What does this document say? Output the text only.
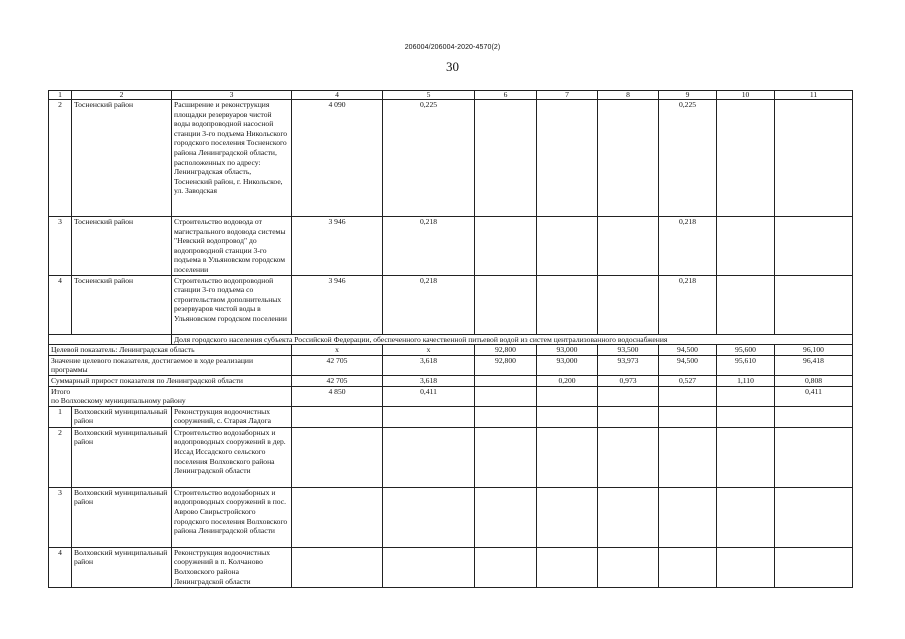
206004/206004-2020-4570(2)
30
1	2	3	4	5	6	7	8	9	10	11
2	Тосненский район	Расширение и реконструкция площадки резервуаров чистой воды водопроводной насосной станции 3-го подъема Никольского городского поселения Тосненского района Ленинградской области, расположенных по адресу: Ленинградская область, Тосненский район, г. Никольское, ул. Заводская	4 090	0,225				0,225		
3	Тосненский район	Строительство водовода от магистрального водовода системы "Невский водопровод" до водопроводной станции 3-го подъема в Ульяновском городском поселении	3 946	0,218				0,218		
4	Тосненский район	Строительство водопроводной станции 3-го подъема со строительством дополнительных резервуаров чистой воды в Ульяновском городском поселении	3 946	0,218				0,218		
		Доля городского населения субъекта Российской Федерации, обеспеченного качественной питьевой водой из систем централизованного водоснабжения								
Целевой показатель: Ленинградская область			х	х	92,800	93,000	93,500	94,500	95,600	96,100
Значение целевого показателя, достигаемое в ходе реализации программы			42 705	3,618	92,800	93,000	93,973	94,500	95,610	96,418
Суммарный прирост показателя по Ленинградской области			42 705	3,618		0,200	0,973	0,527	1,110	0,808

Итого
по Волховскому муниципальному району			4 850	0,411						0,411
1	Волховский муниципальный район	Реконструкция водоочистных сооружений, с. Старая Ладога								
2	Волховский муниципальный район	Строительство водозаборных и водопроводных сооружений в дер. Иссад Иссадского сельского поселения Волховского района Ленинградской области								
3	Волховский муниципальный район	Строительство водозаборных и водопроводных сооружений в пос. Аврово Свирьстройского городского поселения Волховского района Ленинградской области								
4	Волховский муниципальный район	Реконструкция водоочистных сооружений в п. Колчаново Волховского района Ленинградской области								
